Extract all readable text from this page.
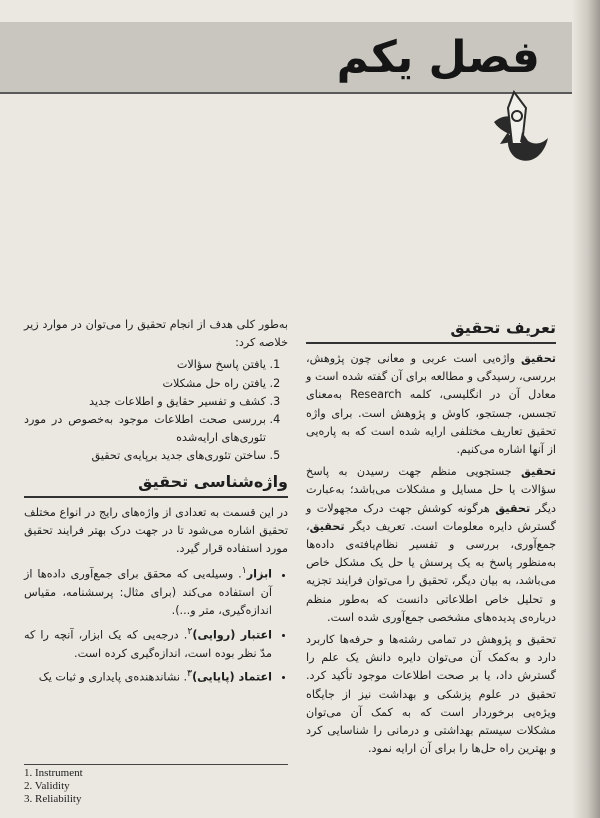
فصل یکم
تعریف تحقیق

تحقیق واژه‌یی است عربی و معانی چون پژوهش، بررسی، رسیدگی و مطالعه برای آن گفته شده است و معادل آن در انگلیسی، کلمه Research به‌معنای تجسس، جستجو، کاوش و پژوهش است. برای واژه تحقیق تعاریف مختلفی ارایه شده است که به پاره‌یی از آنها اشاره می‌کنیم.

تحقیق جستجویی منظم جهت رسیدن به پاسخ سؤالات یا حل مسایل و مشکلات می‌باشد؛ به‌عبارت دیگر تحقیق هرگونه کوشش جهت درک مجهولات و گسترش دایره معلومات است. تعریف دیگر تحقیق، جمع‌آوری، بررسی و تفسیر نظام‌یافته‌ی داده‌ها به‌منظور پاسخ به یک پرسش یا حل یک مشکل خاص می‌باشد، به بیان دیگر، تحقیق را می‌توان فرایند تجزیه و تحلیل خاص اطلاعاتی دانست که به‌طور منظم درباره‌ی پدیده‌های مشخصی جمع‌آوری شده است.

تحقیق و پژوهش در تمامی رشته‌ها و حرفه‌ها کاربرد دارد و به‌کمک آن می‌توان دایره دانش یک علم را گسترش داد، یا بر صحت اطلاعات موجود تأکید کرد. تحقیق در علوم پزشکی و بهداشت نیز از جایگاه ویژه‌یی برخوردار است که به کمک آن می‌توان مشکلات سیستم بهداشتی و درمانی را شناسایی کرد و بهترین راه حل‌ها را برای آن ارایه نمود.

به‌طور کلی هدف از انجام تحقیق را می‌توان در موارد زیر خلاصه کرد:

1. یافتن پاسخ سؤالات
2. یافتن راه حل مشکلات
3. کشف و تفسیر حقایق و اطلاعات جدید
4. بررسی صحت اطلاعات موجود به‌خصوص در مورد تئوری‌های ارایه‌شده
5. ساختن تئوری‌های جدید برپایه‌ی تحقیق
واژه‌شناسی تحقیق

در این قسمت به تعدادی از واژه‌های رایج در انواع مختلف تحقیق اشاره می‌شود تا در جهت درک بهتر فرایند تحقیق مورد استفاده قرار گیرد.

• ابزار$^۱$. وسیله‌یی که محقق برای جمع‌آوری داده‌ها از آن استفاده می‌کند (برای مثال: پرسشنامه، مقیاس اندازه‌گیری، متر و...).
• اعتبار (روایی)$^۲$. درجه‌یی که یک ابزار، آنچه را که مدّ نظر بوده است، اندازه‌گیری کرده است.
• اعتماد (پایایی)$^۳$. نشاندهنده‌ی پایداری و ثبات یک
1. Instrument
2. Validity
3. Reliability
